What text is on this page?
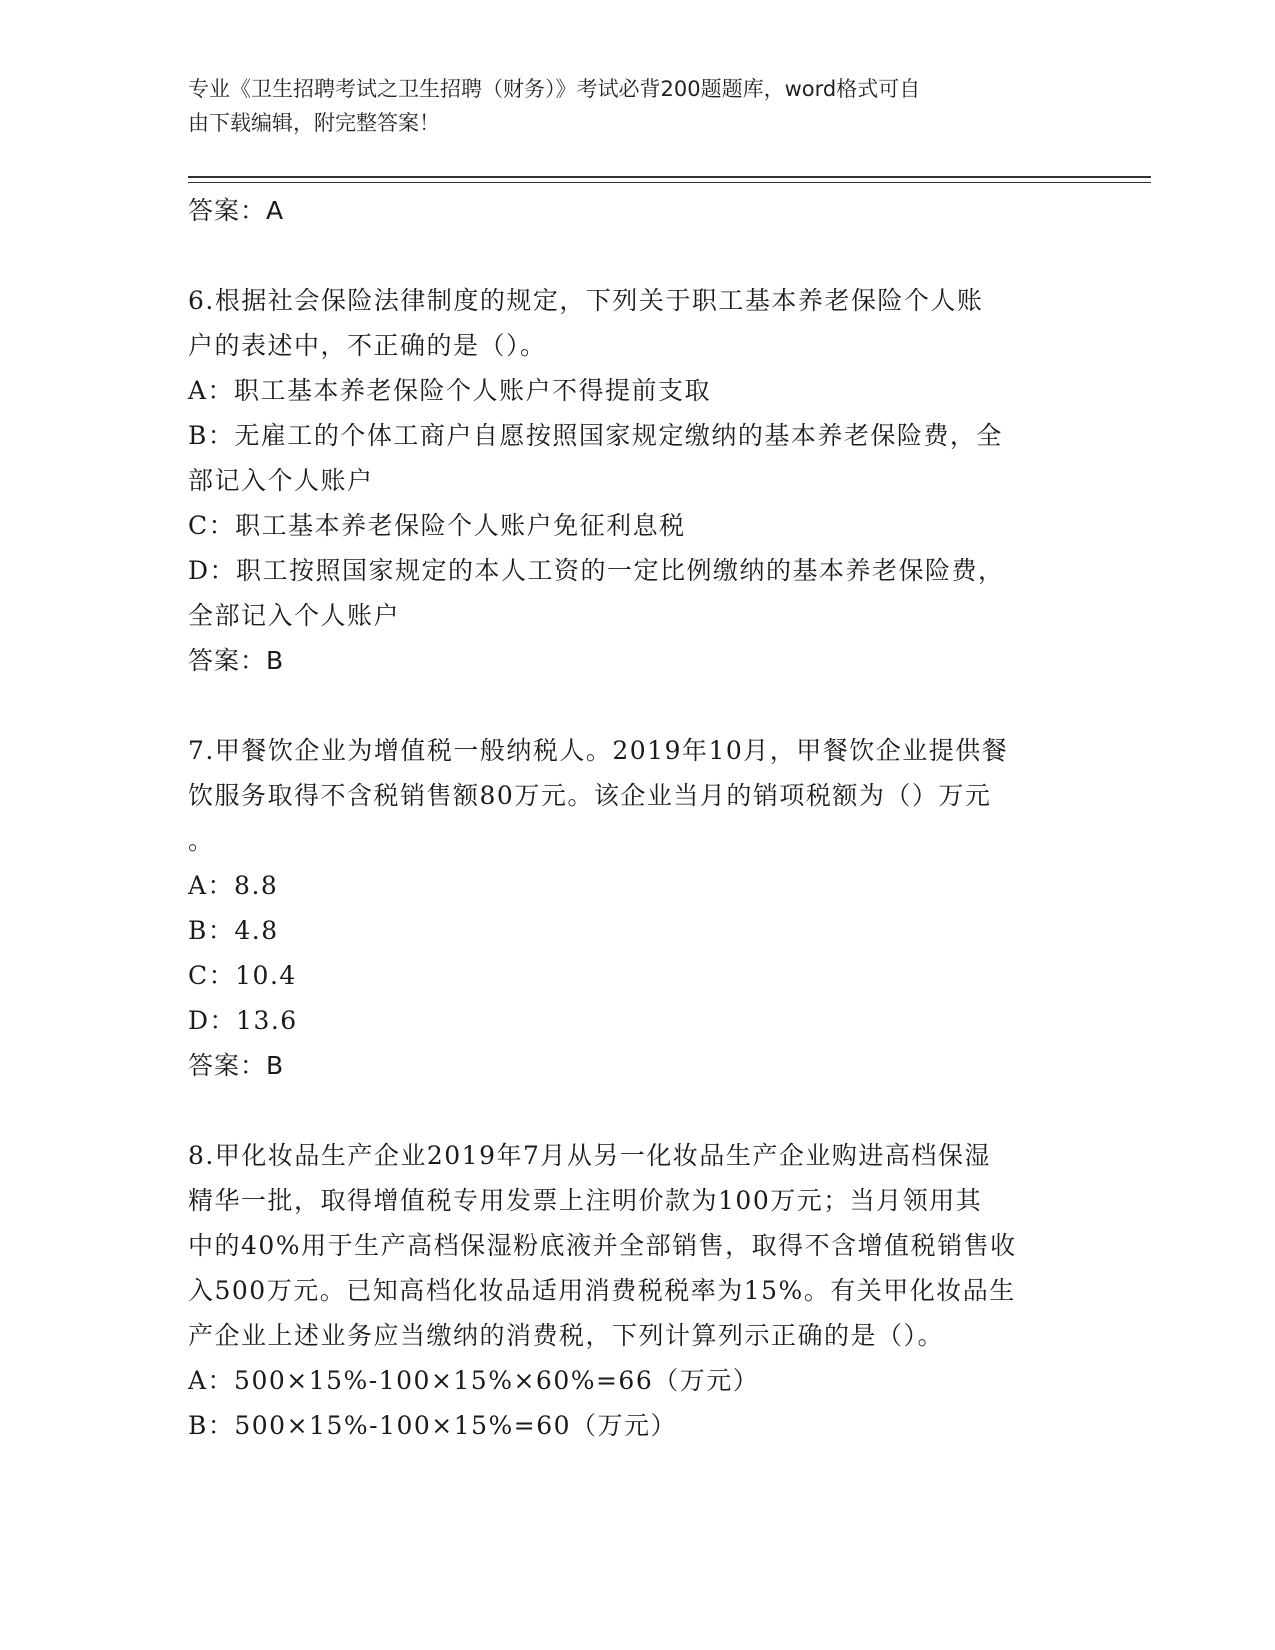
专业《卫生招聘考试之卫生招聘（财务）》考试必背200题题库，word格式可自
由下载编辑，附完整答案！
答案：A
6.根据社会保险法律制度的规定，下列关于职工基本养老保险个人账
户的表述中，不正确的是（）。
A：职工基本养老保险个人账户不得提前支取
B：无雇工的个体工商户自愿按照国家规定缴纳的基本养老保险费，全
部记入个人账户
C：职工基本养老保险个人账户免征利息税
D：职工按照国家规定的本人工资的一定比例缴纳的基本养老保险费，
全部记入个人账户
答案：B
7.甲餐饮企业为增值税一般纳税人。2019年10月，甲餐饮企业提供餐
饮服务取得不含税销售额80万元。该企业当月的销项税额为（）万元
。
A：8.8
B：4.8
C：10.4
D：13.6
答案：B
8.甲化妆品生产企业2019年7月从另一化妆品生产企业购进高档保湿
精华一批，取得增值税专用发票上注明价款为100万元；当月领用其
中的40%用于生产高档保湿粉底液并全部销售，取得不含增值税销售收
入500万元。已知高档化妆品适用消费税税率为15%。有关甲化妆品生
产企业上述业务应当缴纳的消费税，下列计算列示正确的是（）。
A：500×15%-100×15%×60%=66（万元）
B：500×15%-100×15%=60（万元）
